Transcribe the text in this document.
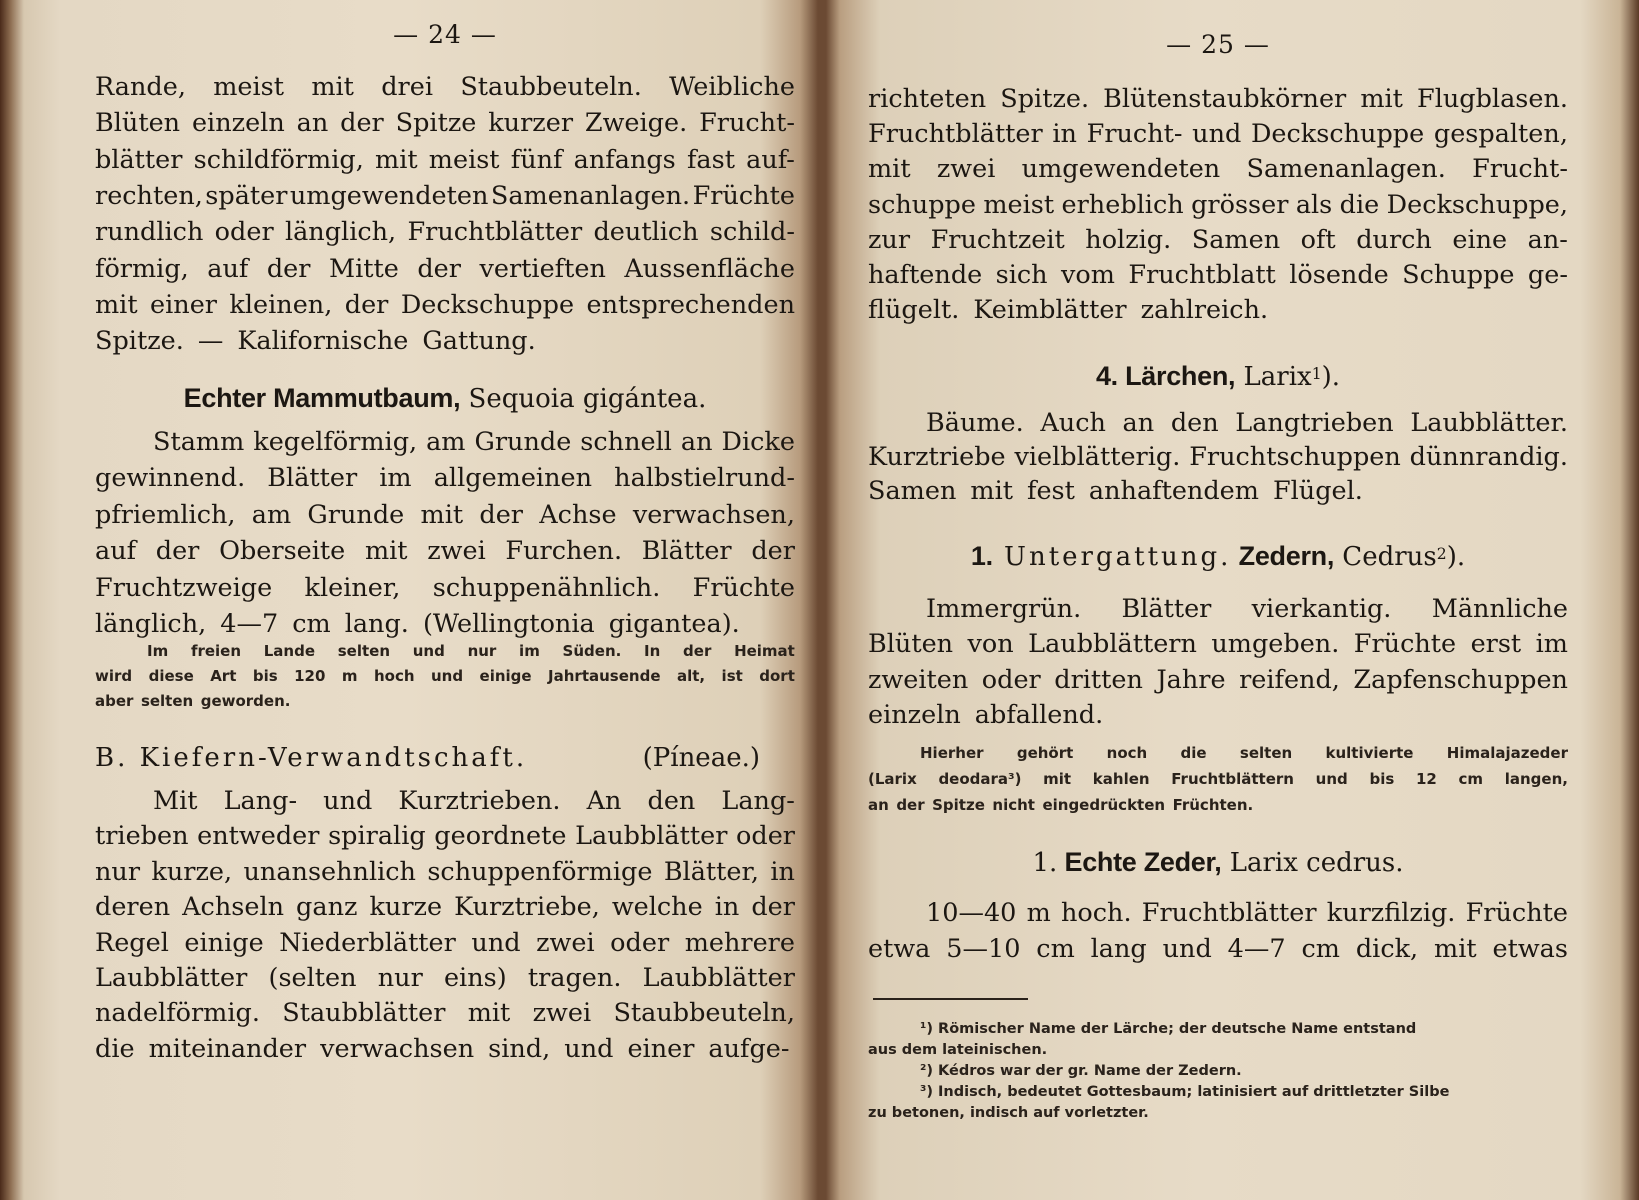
— 24 —
Rande, meist mit drei Staubbeuteln. Weibliche
Blüten einzeln an der Spitze kurzer Zweige. Frucht-
blätter schildförmig, mit meist fünf anfangs fast auf-
rechten, später umgewendeten Samenanlagen. Früchte
rundlich oder länglich, Fruchtblätter deutlich schild-
förmig, auf der Mitte der vertieften Aussenfläche
mit einer kleinen, der Deckschuppe entsprechenden
Spitze. — Kalifornische Gattung.
Echter Mammutbaum, Sequoia gigántea.
Stamm kegelförmig, am Grunde schnell an Dicke
gewinnend. Blätter im allgemeinen halbstielrund-
pfriemlich, am Grunde mit der Achse verwachsen,
auf der Oberseite mit zwei Furchen. Blätter der
Fruchtzweige kleiner, schuppenähnlich. Früchte
länglich, 4—7 cm lang. (Wellingtonia gigantea).
Im freien Lande selten und nur im Süden. In der Heimat
wird diese Art bis 120 m hoch und einige Jahrtausende alt, ist dort
aber selten geworden.
B. Kiefern-Verwandtschaft.	(Píneae.)
Mit Lang- und Kurztrieben. An den Lang-
trieben entweder spiralig geordnete Laubblätter oder
nur kurze, unansehnlich schuppenförmige Blätter, in
deren Achseln ganz kurze Kurztriebe, welche in der
Regel einige Niederblätter und zwei oder mehrere
Laubblätter (selten nur eins) tragen. Laubblätter
nadelförmig. Staubblätter mit zwei Staubbeuteln,
die miteinander verwachsen sind, und einer aufge-
— 25 —
richteten Spitze. Blütenstaubkörner mit Flugblasen.
Fruchtblätter in Frucht- und Deckschuppe gespalten,
mit zwei umgewendeten Samenanlagen. Frucht-
schuppe meist erheblich grösser als die Deckschuppe,
zur Fruchtzeit holzig. Samen oft durch eine an-
haftende sich vom Fruchtblatt lösende Schuppe ge-
flügelt. Keimblätter zahlreich.
4. Lärchen, Larix$^1$).
Bäume. Auch an den Langtrieben Laubblätter.
Kurztriebe vielblätterig. Fruchtschuppen dünnrandig.
Samen mit fest anhaftendem Flügel.
1. Untergattung. Zedern, Cedrus$^2$).
Immergrün. Blätter vierkantig. Männliche
Blüten von Laubblättern umgeben. Früchte erst im
zweiten oder dritten Jahre reifend, Zapfenschuppen
einzeln abfallend.
Hierher gehört noch die selten kultivierte Himalajazeder
(Larix deodara³) mit kahlen Fruchtblättern und bis 12 cm langen,
an der Spitze nicht eingedrückten Früchten.
1. Echte Zeder, Larix cedrus.
10—40 m hoch. Fruchtblätter kurzfilzig. Früchte
etwa 5—10 cm lang und 4—7 cm dick, mit etwas
¹) Römischer Name der Lärche; der deutsche Name entstand
aus dem lateinischen.
²) Kédros war der gr. Name der Zedern.
³) Indisch, bedeutet Gottesbaum; latinisiert auf drittletzter Silbe
zu betonen, indisch auf vorletzter.
